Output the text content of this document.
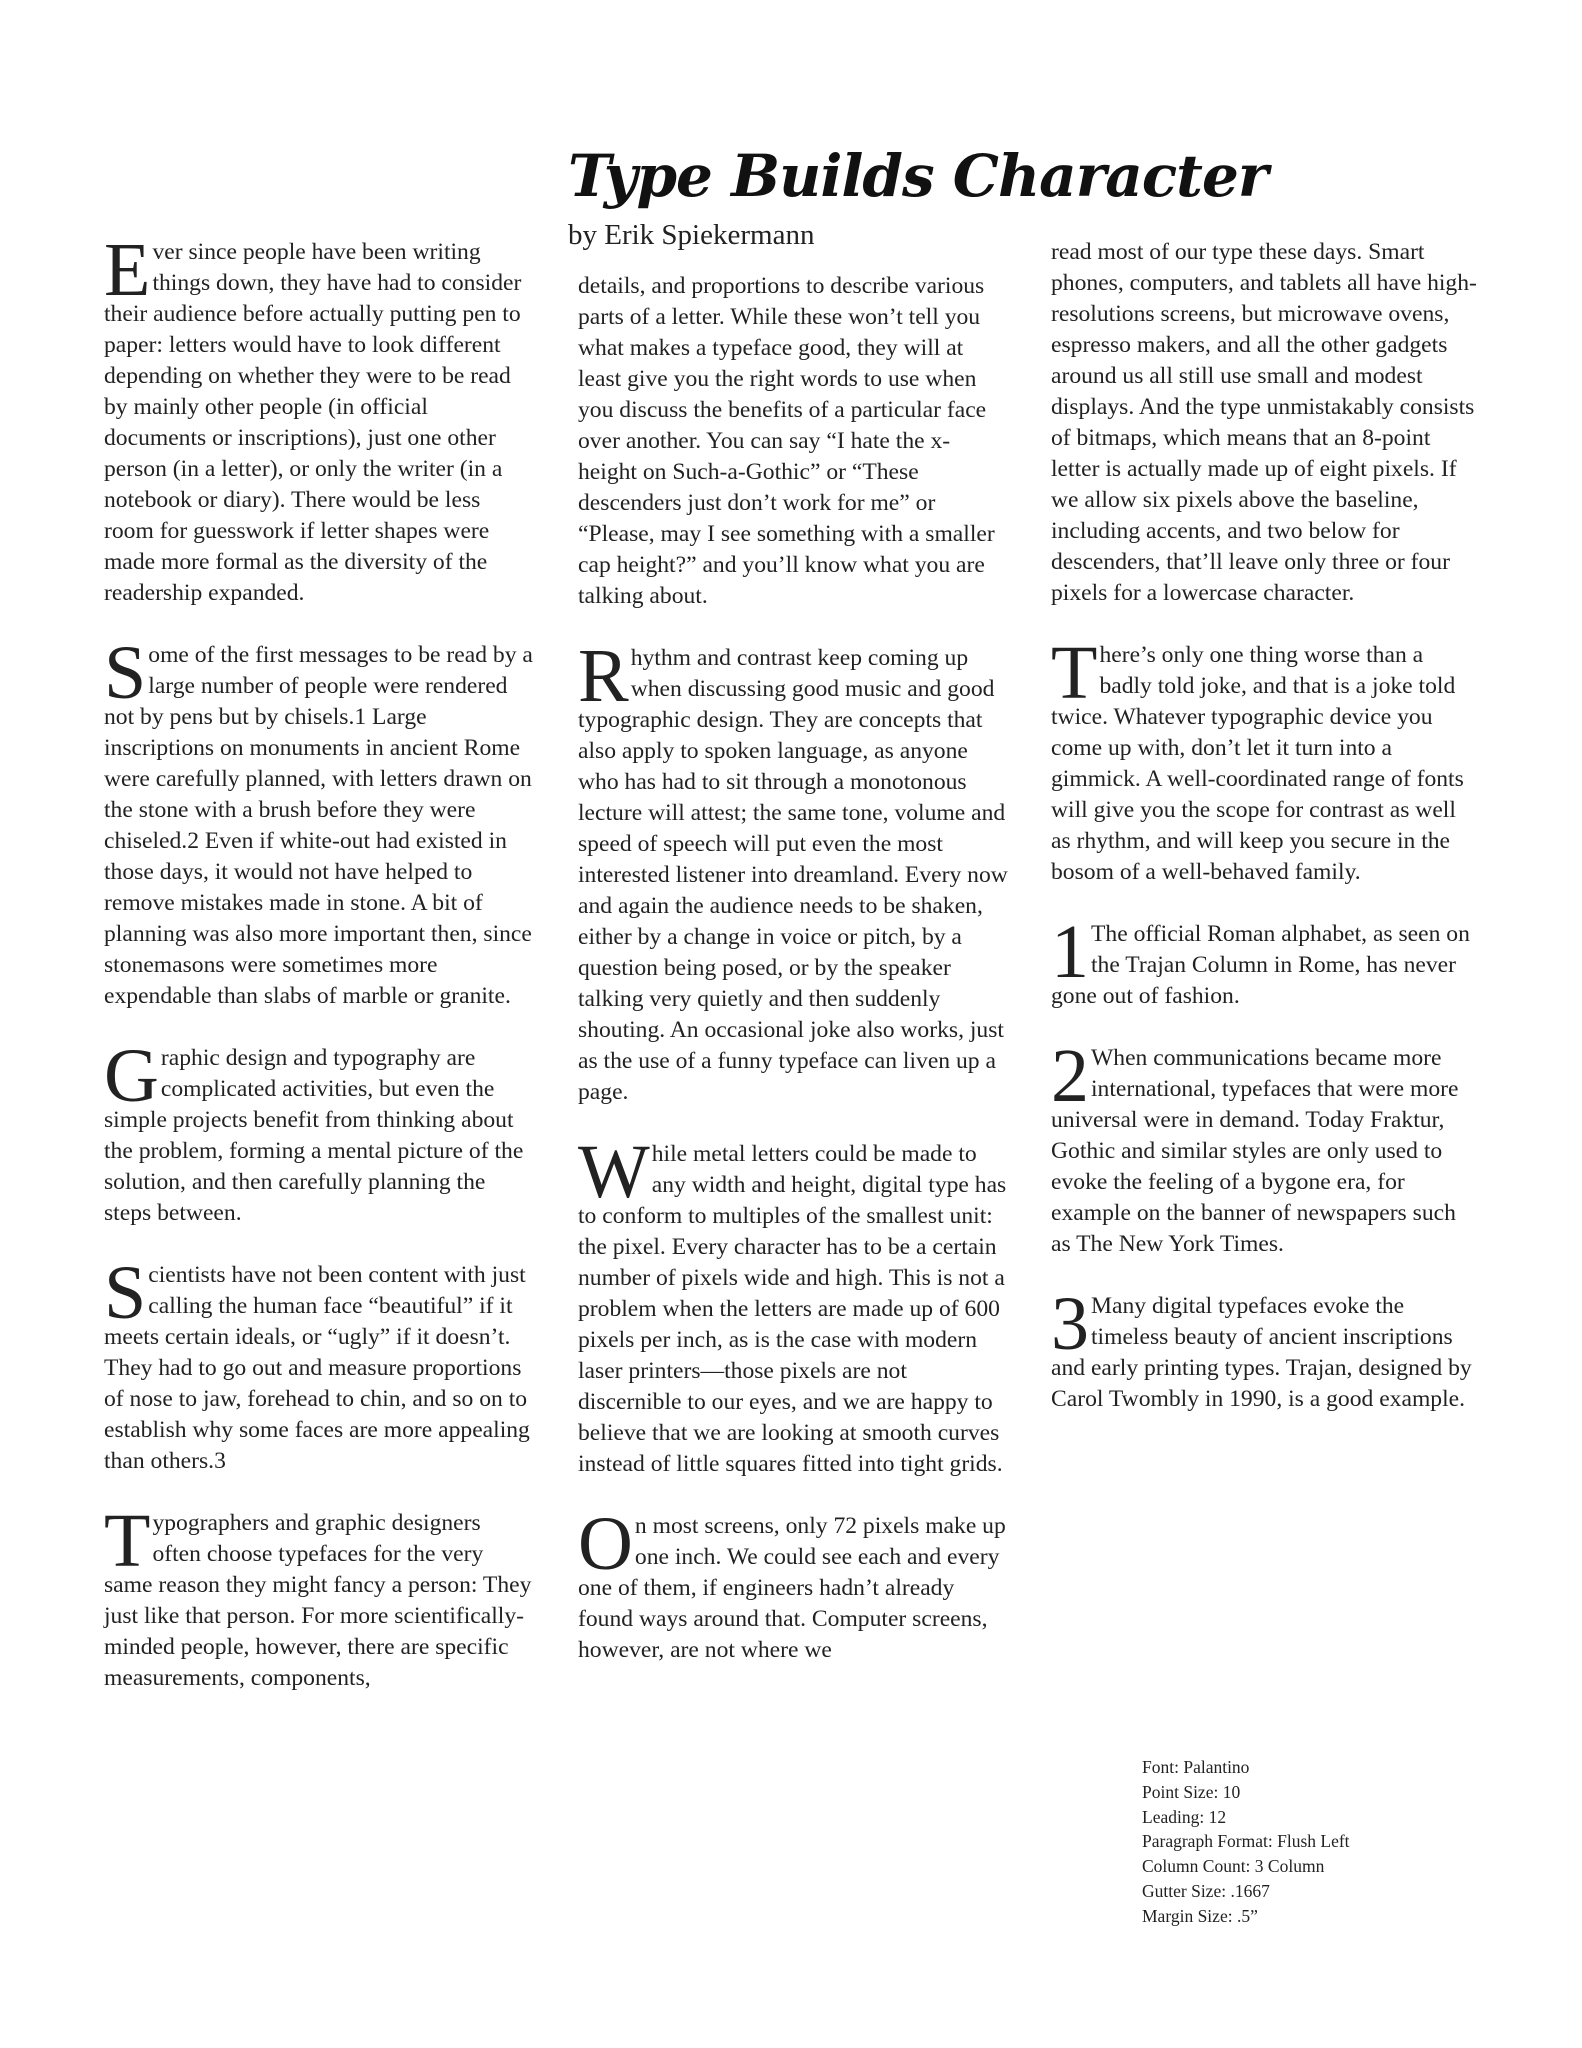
Type Builds Character
by Erik Spiekermann

Ever since people have been writing things down, they have had to consider their audience before actually putting pen to paper: letters would have to look different depending on whether they were to be read by mainly other people (in official documents or inscriptions), just one other person (in a letter), or only the writer (in a notebook or diary). There would be less room for guesswork if letter shapes were made more formal as the diversity of the readership expanded.

Some of the first messages to be read by a large number of people were rendered not by pens but by chisels.1 Large inscriptions on monuments in ancient Rome were carefully planned, with letters drawn on the stone with a brush before they were chiseled.2 Even if white-out had existed in those days, it would not have helped to remove mistakes made in stone. A bit of planning was also more important then, since stonemasons were sometimes more expendable than slabs of marble or granite.

Graphic design and typography are complicated activities, but even the simple projects benefit from thinking about the problem, forming a mental picture of the solution, and then carefully planning the steps between.

Scientists have not been content with just calling the human face “beautiful” if it meets certain ideals, or “ugly” if it doesn’t. They had to go out and measure proportions of nose to jaw, forehead to chin, and so on to establish why some faces are more appealing than others.3

Typographers and graphic designers often choose typefaces for the very same reason they might fancy a person: They just like that person. For more scientifically-minded people, however, there are specific measurements, components,

details, and proportions to describe various parts of a letter. While these won’t tell you what makes a typeface good, they will at least give you the right words to use when you discuss the benefits of a particular face over another. You can say “I hate the x-height on Such-a-Gothic” or “These descenders just don’t work for me” or “Please, may I see something with a smaller cap height?” and you’ll know what you are talking about.

Rhythm and contrast keep coming up when discussing good music and good typographic design. They are concepts that also apply to spoken language, as anyone who has had to sit through a monotonous lecture will attest; the same tone, volume and speed of speech will put even the most interested listener into dreamland. Every now and again the audience needs to be shaken, either by a change in voice or pitch, by a question being posed, or by the speaker talking very quietly and then suddenly shouting. An occasional joke also works, just as the use of a funny typeface can liven up a page.

While metal letters could be made to any width and height, digital type has to conform to multiples of the smallest unit: the pixel. Every character has to be a certain number of pixels wide and high. This is not a problem when the letters are made up of 600 pixels per inch, as is the case with modern laser printers—those pixels are not discernible to our eyes, and we are happy to believe that we are looking at smooth curves instead of little squares fitted into tight grids.

On most screens, only 72 pixels make up one inch. We could see each and every one of them, if engineers hadn’t already found ways around that. Computer screens, however, are not where we

read most of our type these days. Smart phones, computers, and tablets all have high-resolutions screens, but microwave ovens, espresso makers, and all the other gadgets around us all still use small and modest displays. And the type unmistakably consists of bitmaps, which means that an 8-point letter is actually made up of eight pixels. If we allow six pixels above the baseline, including accents, and two below for descenders, that’ll leave only three or four pixels for a lowercase character.

There’s only one thing worse than a badly told joke, and that is a joke told twice. Whatever typographic device you come up with, don’t let it turn into a gimmick. A well-coordinated range of fonts will give you the scope for contrast as well as rhythm, and will keep you secure in the bosom of a well-behaved family.

1The official Roman alphabet, as seen on the Trajan Column in Rome, has never gone out of fashion.

2When communications became more international, typefaces that were more universal were in demand. Today Fraktur, Gothic and similar styles are only used to evoke the feeling of a bygone era, for example on the banner of newspapers such as The New York Times.

3Many digital typefaces evoke the timeless beauty of ancient inscriptions and early printing types. Trajan, designed by Carol Twombly in 1990, is a good example.

Font: Palantino
Point Size: 10
Leading: 12
Paragraph Format: Flush Left
Column Count: 3 Column
Gutter Size: .1667
Margin Size: .5”
